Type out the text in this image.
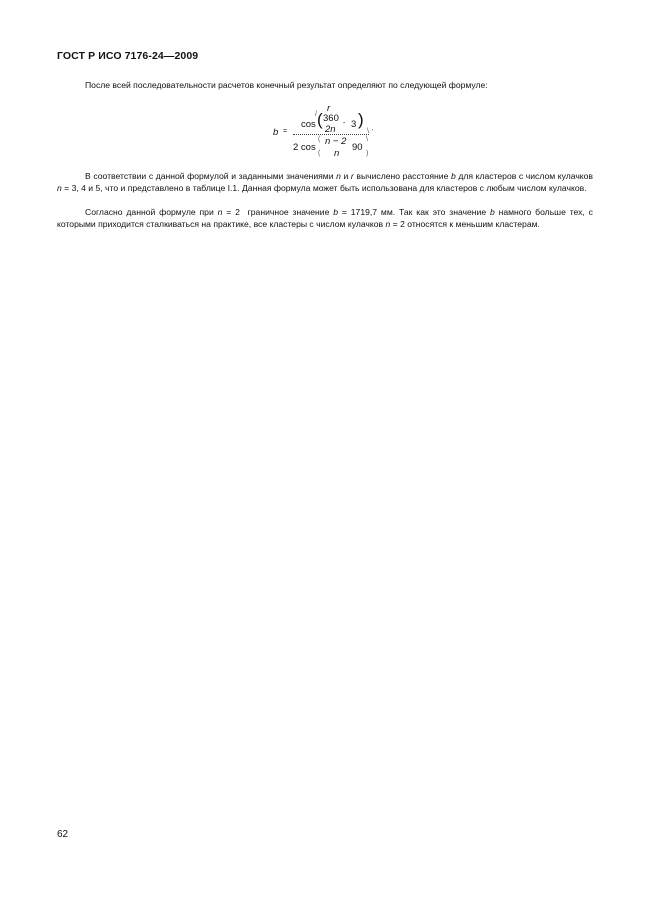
ГОСТ Р ИСО 7176-24—2009
После всей последовательности расчетов конечный результат определяют по следующей формуле:
b =
r
/
cos ( 360
2n
- 3 )
\ '
2 cos
(
(
n − 2
n
90
\
)
В соответствии с данной формулой и заданными значениями n и r вычислено расстояние b для кластеров с числом кулачков n = 3, 4 и 5, что и представлено в таблице I.1. Данная формула может быть использована для кластеров с любым числом кулачков.
Согласно данной формуле при n = 2  граничное значение b = 1719,7 мм. Так как это значение b намного больше тех, с которыми приходится сталкиваться на практике, все кластеры с числом кулачков n = 2 относятся к меньшим кластерам.
62
